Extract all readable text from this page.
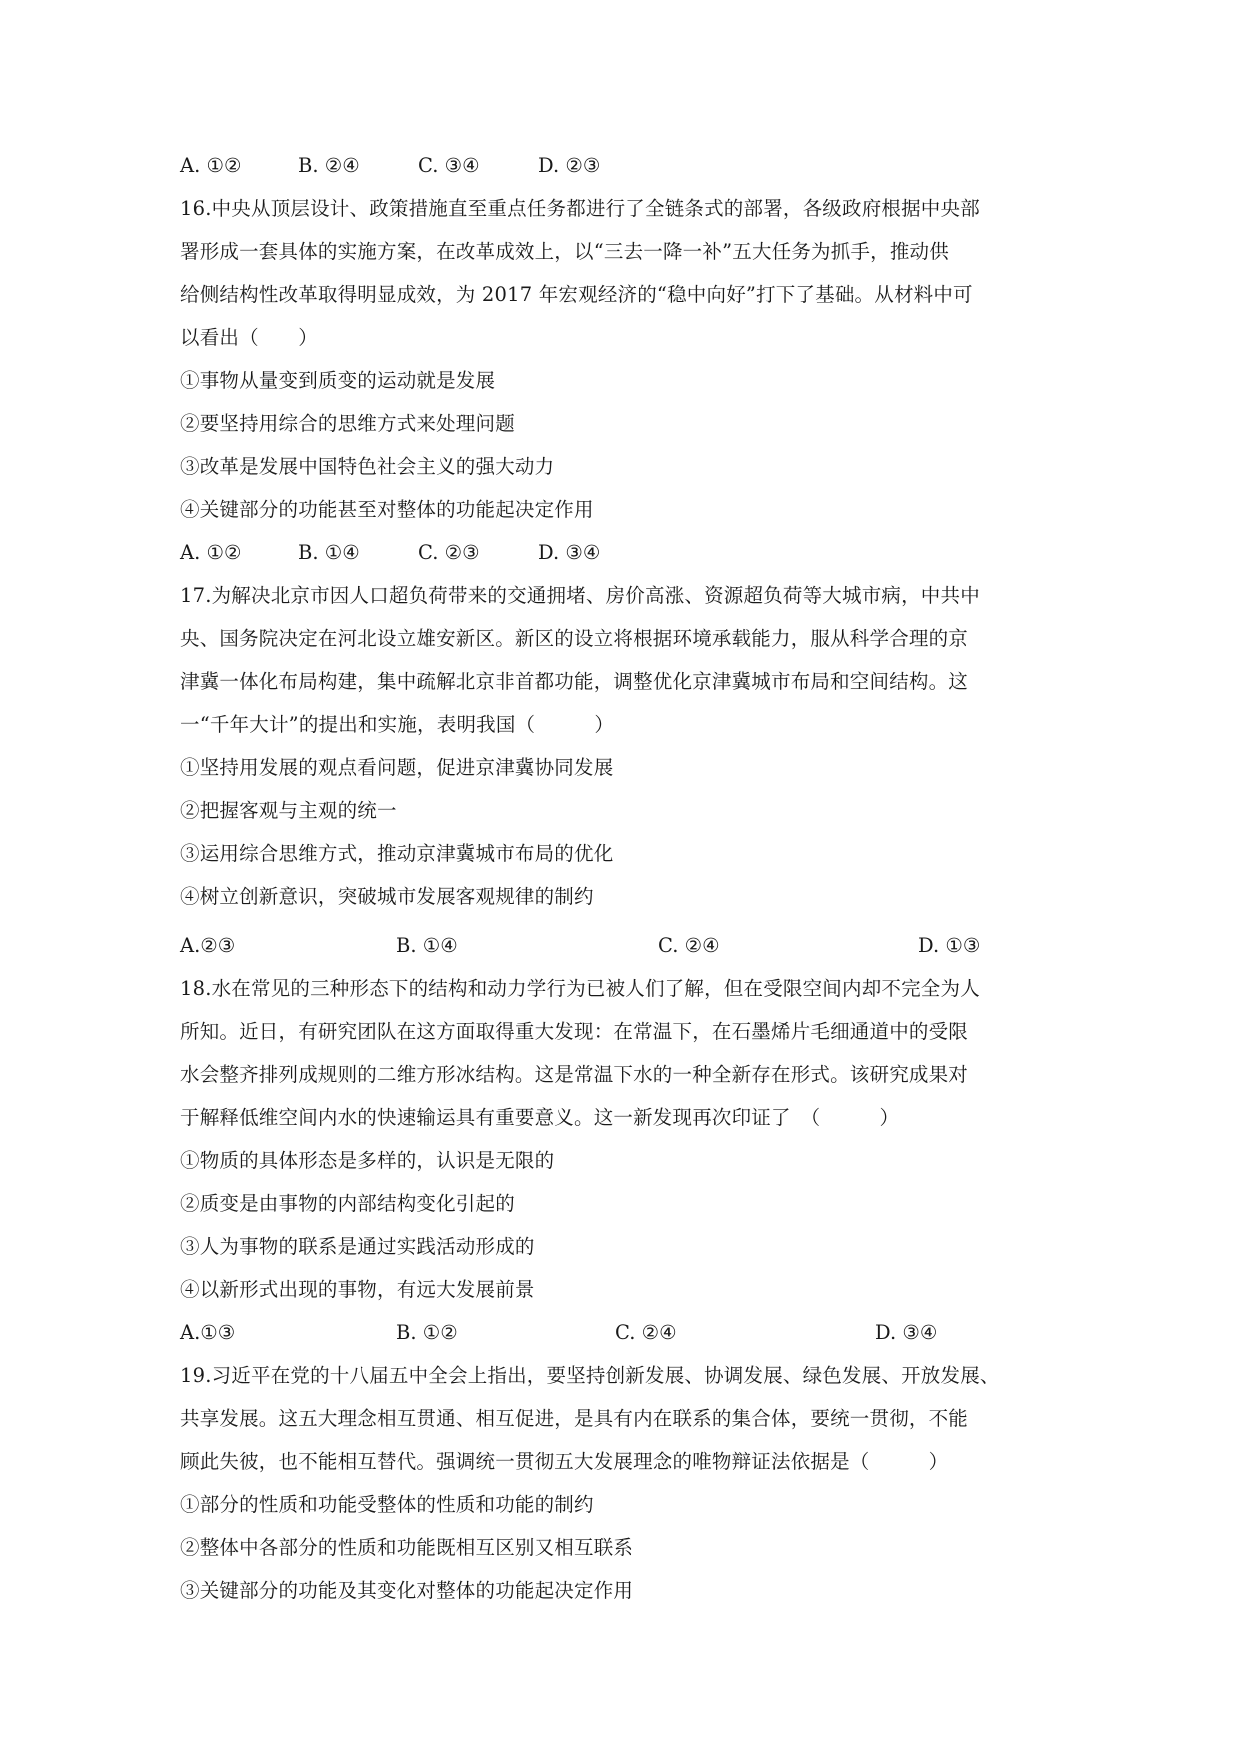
A. ①②	B. ②④	C. ③④	D. ②③
16.中央从顶层设计、政策措施直至重点任务都进行了全链条式的部署，各级政府根据中央部
署形成一套具体的实施方案，在改革成效上，以“三去一降一补”五大任务为抓手，推动供
给侧结构性改革取得明显成效，为 2017 年宏观经济的“稳中向好”打下了基础。从材料中可
以看出（　　）
①事物从量变到质变的运动就是发展
②要坚持用综合的思维方式来处理问题
③改革是发展中国特色社会主义的强大动力
④关键部分的功能甚至对整体的功能起决定作用
A. ①②	B. ①④	C. ②③	D. ③④
17.为解决北京市因人口超负荷带来的交通拥堵、房价高涨、资源超负荷等大城市病，中共中
央、国务院决定在河北设立雄安新区。新区的设立将根据环境承载能力，服从科学合理的京
津冀一体化布局构建，集中疏解北京非首都功能，调整优化京津冀城市布局和空间结构。这
一“千年大计”的提出和实施，表明我国（　　　）
①坚持用发展的观点看问题，促进京津冀协同发展
②把握客观与主观的统一
③运用综合思维方式，推动京津冀城市布局的优化
④树立创新意识，突破城市发展客观规律的制约
A.②③	B. ①④	C. ②④	D. ①③
18.水在常见的三种形态下的结构和动力学行为已被人们了解，但在受限空间内却不完全为人
所知。近日，有研究团队在这方面取得重大发现：在常温下，在石墨烯片毛细通道中的受限
水会整齐排列成规则的二维方形冰结构。这是常温下水的一种全新存在形式。该研究成果对
于解释低维空间内水的快速输运具有重要意义。这一新发现再次印证了　（　　　）
①物质的具体形态是多样的，认识是无限的
②质变是由事物的内部结构变化引起的
③人为事物的联系是通过实践活动形成的
④以新形式出现的事物，有远大发展前景
A.①③	B. ①②	C. ②④	D. ③④
19.习近平在党的十八届五中全会上指出，要坚持创新发展、协调发展、绿色发展、开放发展、
共享发展。这五大理念相互贯通、相互促进，是具有内在联系的集合体，要统一贯彻，不能
顾此失彼，也不能相互替代。强调统一贯彻五大发展理念的唯物辩证法依据是（　　　）
①部分的性质和功能受整体的性质和功能的制约
②整体中各部分的性质和功能既相互区别又相互联系
③关键部分的功能及其变化对整体的功能起决定作用
